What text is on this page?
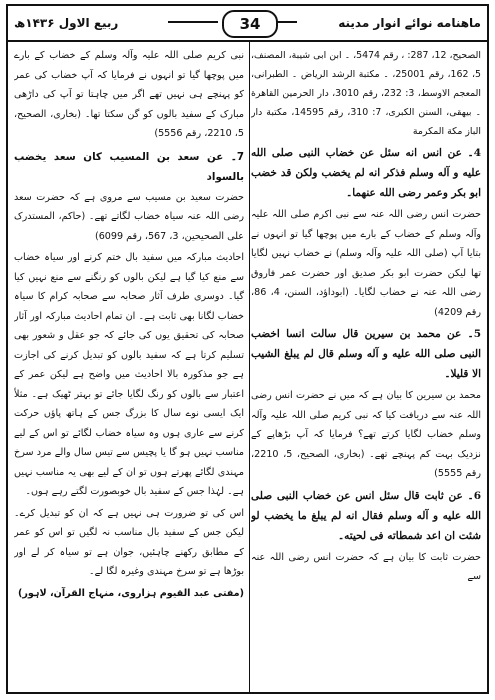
ماهنامه نوائے انوار مدینه
34
ربیع الاول ۱۴۳۶ھ
الصحیح، 12، 287: ، رقم 5474، ۔ ابن ابی شیبة، المصنف، 5، 162، رقم 25001، ۔ مکتبة الرشد الریاض ۔ الطبرانی، المعجم الاوسط، 3: 232، رقم 3010، دار الحرمین القاهرة ۔ بیهقی، السنن الکبری، 7: 310، رقم 14595، مکتبة دار الباز مکة المکرمة
4۔ عن انس انه سئل عن خضاب النبی صلی الله علیه و آله وسلم فذکر انه لم یخضب ولکن قد خضب ابو بکر وعمر رضی الله عنهما۔
حضرت انس رضی اللہ عنہ سے نبی اکرم صلی اللہ علیہ وآلہ وسلم کے خضاب کے بارے میں پوچھا گیا تو انہوں نے بتایا آپ (صلی اللہ علیہ وآلہ وسلم) نے خضاب نہیں لگایا تھا لیکن حضرت ابو بکر صدیق اور حضرت عمر فاروق رضی اللہ عنہ نے خضاب لگایا۔ (ابوداؤد، السنن، 4، 86، رقم 4209)
5۔ عن محمد بن سیرین قال سالت انسا اخضب النبی صلی الله علیه و آله وسلم قال لم یبلغ الشیب الا قلیلا۔
محمد بن سیرین کا بیان ہے کہ میں نے حضرت انس رضی اللہ عنہ سے دریافت کیا کہ نبی کریم صلی اللہ علیہ وآلہ وسلم خضاب لگایا کرتے تھے؟ فرمایا کہ آپ بڑھاپے کے نزدیک بہت کم پہنچے تھے۔ (بخاری، الصحیح، 5، 2210، رقم 5555)
6۔ عن ثابت قال سئل انس عن خضاب النبی صلی الله علیه و آله وسلم فقال انه لم یبلغ ما یخضب لو شئت ان اعد شمطاته فی لحیته۔
حضرت ثابت کا بیان ہے کہ حضرت انس رضی اللہ عنہ سے
نبی کریم صلی اللہ علیہ وآلہ وسلم کے خضاب کے بارے میں پوچھا گیا تو انہوں نے فرمایا کہ آپ خضاب کی عمر کو پہنچے ہی نہیں تھے اگر میں چاہتا تو آپ کی داڑھی مبارک کے سفید بالوں کو گن سکتا تھا۔ (بخاری، الصحیح، 5، 2210، رقم 5556)
7۔ عن سعد بن المسیب کان سعد یخضب بالسواد
حضرت سعید بن مسیب سے مروی ہے کہ حضرت سعد رضی اللہ عنہ سیاہ خضاب لگاتے تھے۔ (حاکم، المستدرک علی الصحیحین، 3، 567، رقم 6099)
احادیث مبارکہ میں سفید بال ختم کرنے اور سیاہ خضاب سے منع کیا گیا ہے لیکن بالوں کو رنگنے سے منع نہیں کیا گیا۔ دوسری طرف آثار صحابہ سے صحابہ کرام کا سیاہ خضاب لگانا بھی ثابت ہے۔ ان تمام احادیث مبارکہ اور آثار صحابہ کی تحقیق یوں کی جائے کہ جو عقل و شعور بھی تسلیم کرتا ہے کہ سفید بالوں کو تبدیل کرنے کی اجازت ہے جو مذکورہ بالا احادیث میں واضح ہے لیکن عمر کے اعتبار سے بالوں کو رنگ لگایا جائے تو بہتر ٹھیک ہے۔ مثلاً ایک ایسی نوے سال کا بزرگ جس کے ہاتھ پاؤں حرکت کرنے سے عاری ہوں وہ سیاہ خضاب لگائے تو اس کے لیے مناسب نہیں ہو گا یا پچیس سے تیس سال والے مرد سرخ مہندی لگائے پھرتے ہوں تو ان کے لیے بھی یہ مناسب نہیں ہے۔ لہٰذا جس کے سفید بال خوبصورت لگتے رہے ہوں۔
اس کی تو ضرورت ہی نہیں ہے کہ ان کو تبدیل کرے۔ لیکن جس کے سفید بال مناسب نہ لگیں تو اس کو عمر کے مطابق رکھنے چاہئیں، جوان ہے تو سیاہ کر لے اور بوڑھا ہے تو سرخ مہندی وغیرہ لگا لے۔
(مفتی عبد القیوم ہزاروی، منہاج القرآن، لاہور)
